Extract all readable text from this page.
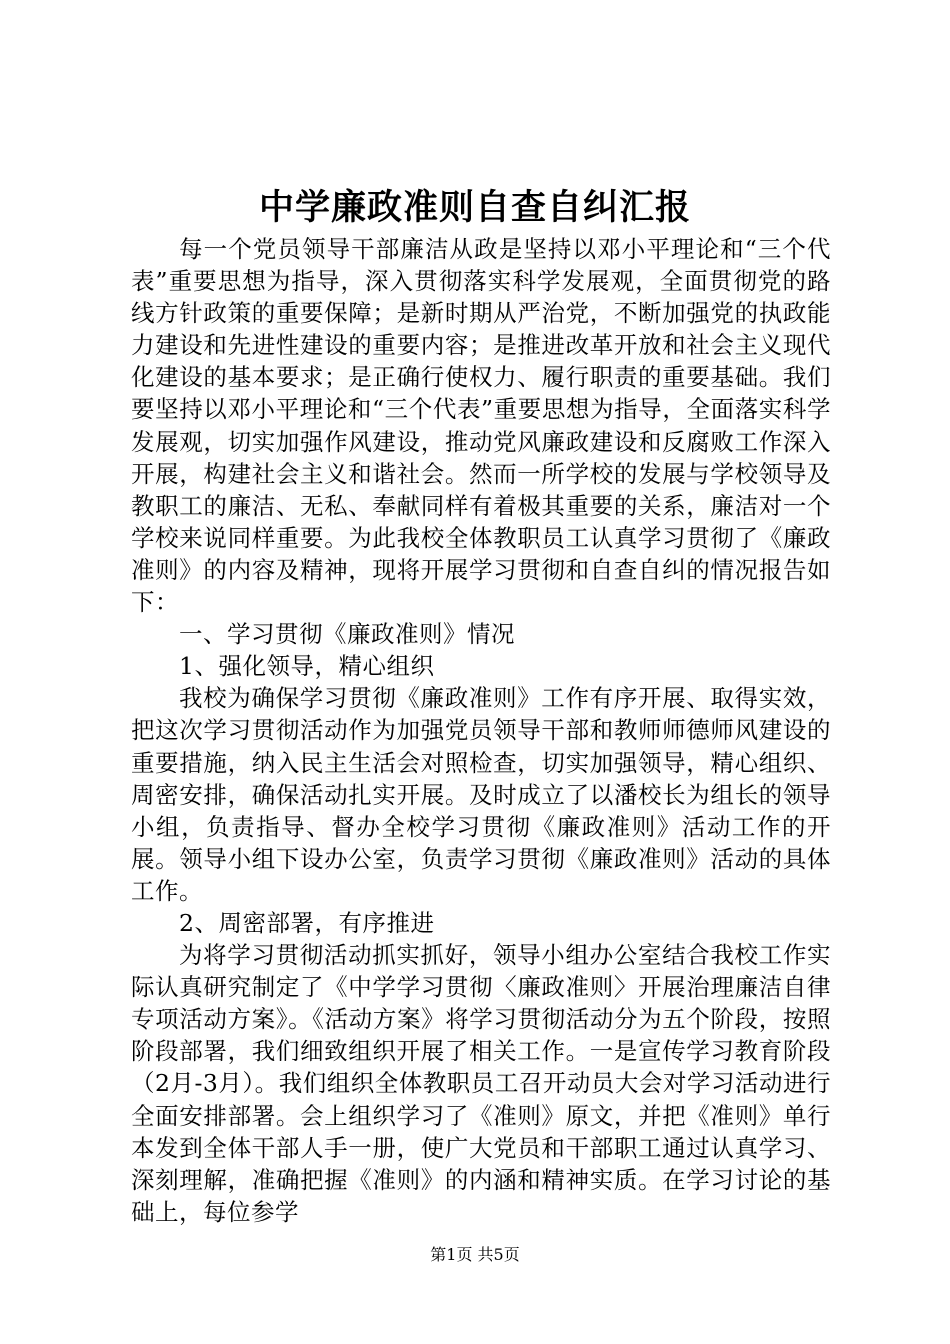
中学廉政准则自查自纠汇报

每一个党员领导干部廉洁从政是坚持以邓小平理论和“三个代表”重要思想为指导，深入贯彻落实科学发展观，全面贯彻党的路线方针政策的重要保障；是新时期从严治党，不断加强党的执政能力建设和先进性建设的重要内容；是推进改革开放和社会主义现代化建设的基本要求；是正确行使权力、履行职责的重要基础。我们要坚持以邓小平理论和“三个代表”重要思想为指导，全面落实科学发展观，切实加强作风建设，推动党风廉政建设和反腐败工作深入开展，构建社会主义和谐社会。然而一所学校的发展与学校领导及教职工的廉洁、无私、奉献同样有着极其重要的关系，廉洁对一个学校来说同样重要。为此我校全体教职员工认真学习贯彻了《廉政准则》的内容及精神，现将开展学习贯彻和自查自纠的情况报告如下：

一、学习贯彻《廉政准则》情况

1、强化领导，精心组织

我校为确保学习贯彻《廉政准则》工作有序开展、取得实效，把这次学习贯彻活动作为加强党员领导干部和教师师德师风建设的重要措施，纳入民主生活会对照检查，切实加强领导，精心组织、周密安排，确保活动扎实开展。及时成立了以潘校长为组长的领导小组，负责指导、督办全校学习贯彻《廉政准则》活动工作的开展。领导小组下设办公室，负责学习贯彻《廉政准则》活动的具体工作。

2、周密部署，有序推进

为将学习贯彻活动抓实抓好，领导小组办公室结合我校工作实际认真研究制定了《中学学习贯彻〈廉政准则〉开展治理廉洁自律专项活动方案》。《活动方案》将学习贯彻活动分为五个阶段，按照阶段部署，我们细致组织开展了相关工作。一是宣传学习教育阶段（2月-3月）。我们组织全体教职员工召开动员大会对学习活动进行全面安排部署。会上组织学习了《准则》原文，并把《准则》单行本发到全体干部人手一册，使广大党员和干部职工通过认真学习、深刻理解，准确把握《准则》的内涵和精神实质。在学习讨论的基础上，每位参学

第1页 共5页
